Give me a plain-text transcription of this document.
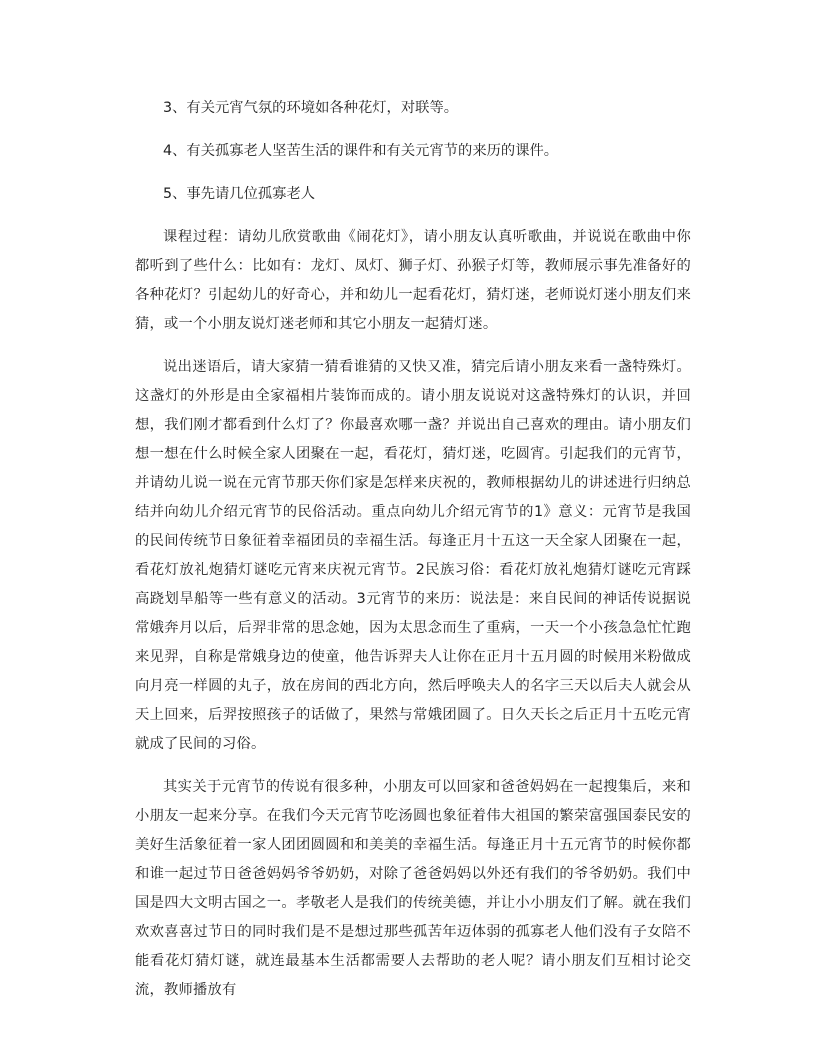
3、有关元宵气氛的环境如各种花灯，对联等。

4、有关孤寡老人坚苦生活的课件和有关元宵节的来历的课件。

5、事先请几位孤寡老人

课程过程：请幼儿欣赏歌曲《闹花灯》，请小朋友认真听歌曲，并说说在歌曲中你都听到了些什么：比如有：龙灯、凤灯、狮子灯、孙猴子灯等，教师展示事先准备好的各种花灯？引起幼儿的好奇心，并和幼儿一起看花灯，猜灯迷，老师说灯迷小朋友们来猜，或一个小朋友说灯迷老师和其它小朋友一起猜灯迷。

说出迷语后，请大家猜一猜看谁猜的又快又准，猜完后请小朋友来看一盏特殊灯。这盏灯的外形是由全家福相片装饰而成的。请小朋友说说对这盏特殊灯的认识，并回想，我们刚才都看到什么灯了？你最喜欢哪一盏？并说出自己喜欢的理由。请小朋友们想一想在什么时候全家人团聚在一起，看花灯，猜灯迷，吃圆宵。引起我们的元宵节，并请幼儿说一说在元宵节那天你们家是怎样来庆祝的，教师根据幼儿的讲述进行归纳总结并向幼儿介绍元宵节的民俗活动。重点向幼儿介绍元宵节的1》意义：元宵节是我国的民间传统节日象征着幸福团员的幸福生活。每逢正月十五这一天全家人团聚在一起，看花灯放礼炮猜灯谜吃元宵来庆祝元宵节。2民族习俗：看花灯放礼炮猜灯谜吃元宵踩高跷划旱船等一些有意义的活动。3元宵节的来历：说法是：来自民间的神话传说据说常娥奔月以后，后羿非常的思念她，因为太思念而生了重病，一天一个小孩急急忙忙跑来见羿，自称是常娥身边的使童，他告诉羿夫人让你在正月十五月圆的时候用米粉做成向月亮一样圆的丸子，放在房间的西北方向，然后呼唤夫人的名字三天以后夫人就会从天上回来，后羿按照孩子的话做了，果然与常娥团圆了。日久天长之后正月十五吃元宵就成了民间的习俗。

其实关于元宵节的传说有很多种，小朋友可以回家和爸爸妈妈在一起搜集后，来和小朋友一起来分享。在我们今天元宵节吃汤圆也象征着伟大祖国的繁荣富强国泰民安的美好生活象征着一家人团团圆圆和和美美的幸福生活。每逢正月十五元宵节的时候你都和谁一起过节日爸爸妈妈爷爷奶奶，对除了爸爸妈妈以外还有我们的爷爷奶奶。我们中国是四大文明古国之一。孝敬老人是我们的传统美德，并让小小朋友们了解。就在我们欢欢喜喜过节日的同时我们是不是想过那些孤苦年迈体弱的孤寡老人他们没有子女陪不能看花灯猜灯谜，就连最基本生活都需要人去帮助的老人呢？请小朋友们互相讨论交流，教师播放有
